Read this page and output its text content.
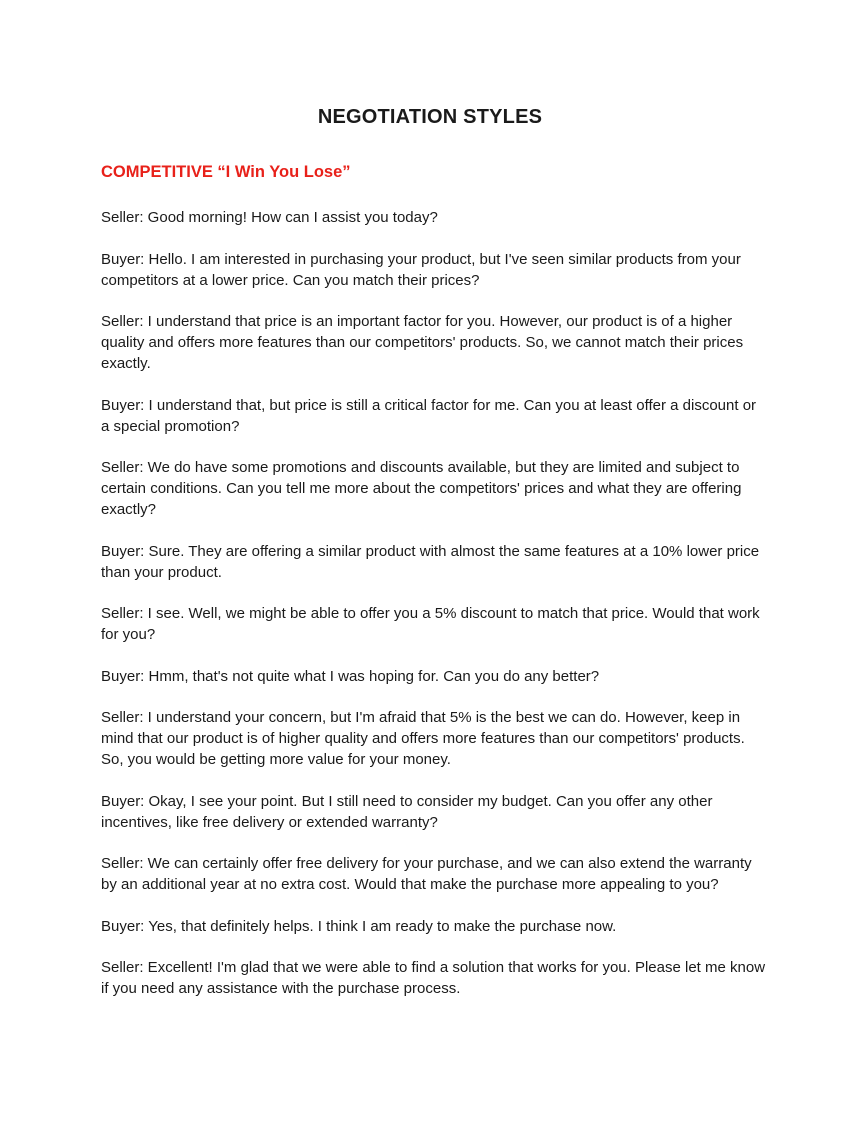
NEGOTIATION STYLES
COMPETITIVE “I Win You Lose”

Seller: Good morning! How can I assist you today?

Buyer: Hello. I am interested in purchasing your product, but I've seen similar products from your competitors at a lower price. Can you match their prices?

Seller: I understand that price is an important factor for you. However, our product is of a higher quality and offers more features than our competitors' products. So, we cannot match their prices exactly.

Buyer: I understand that, but price is still a critical factor for me. Can you at least offer a discount or a special promotion?

Seller: We do have some promotions and discounts available, but they are limited and subject to certain conditions. Can you tell me more about the competitors' prices and what they are offering exactly?

Buyer: Sure. They are offering a similar product with almost the same features at a 10% lower price than your product.

Seller: I see. Well, we might be able to offer you a 5% discount to match that price. Would that work for you?

Buyer: Hmm, that's not quite what I was hoping for. Can you do any better?

Seller: I understand your concern, but I'm afraid that 5% is the best we can do. However, keep in mind that our product is of higher quality and offers more features than our competitors' products. So, you would be getting more value for your money.

Buyer: Okay, I see your point. But I still need to consider my budget. Can you offer any other incentives, like free delivery or extended warranty?

Seller: We can certainly offer free delivery for your purchase, and we can also extend the warranty by an additional year at no extra cost. Would that make the purchase more appealing to you?

Buyer: Yes, that definitely helps. I think I am ready to make the purchase now.

Seller: Excellent! I'm glad that we were able to find a solution that works for you. Please let me know if you need any assistance with the purchase process.
